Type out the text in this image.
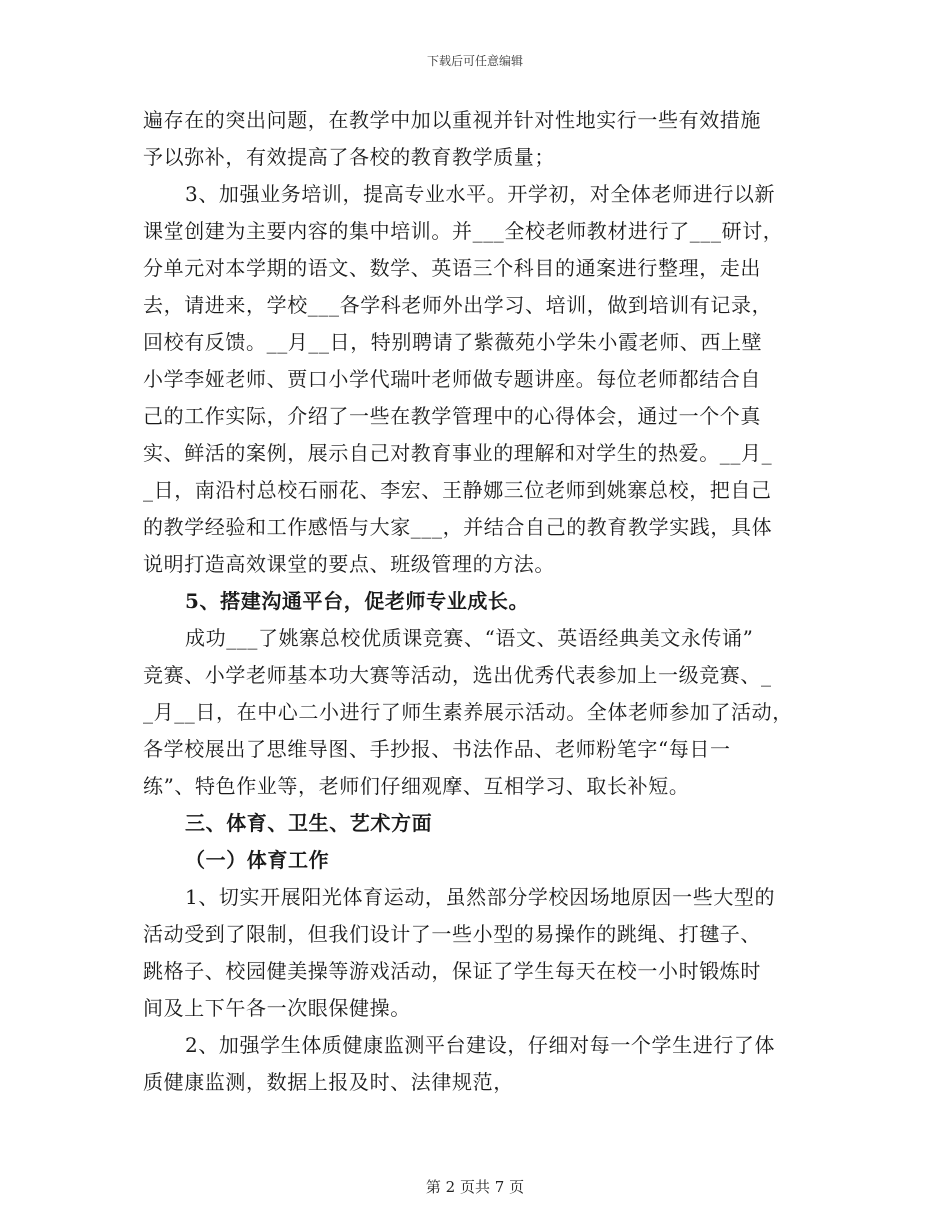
下载后可任意编辑
遍存在的突出问题，在教学中加以重视并针对性地实行一些有效措施
予以弥补，有效提高了各校的教育教学质量；
3、加强业务培训，提高专业水平。开学初，对全体老师进行以新
课堂创建为主要内容的集中培训。并___全校老师教材进行了___研讨，
分单元对本学期的语文、数学、英语三个科目的通案进行整理，走出
去，请进来，学校___各学科老师外出学习、培训，做到培训有记录，
回校有反馈。__月__日，特别聘请了紫薇苑小学朱小霞老师、西上壁
小学李娅老师、贾口小学代瑞叶老师做专题讲座。每位老师都结合自
己的工作实际，介绍了一些在教学管理中的心得体会，通过一个个真
实、鲜活的案例，展示自己对教育事业的理解和对学生的热爱。__月_
_日，南沿村总校石丽花、李宏、王静娜三位老师到姚寨总校，把自己
的教学经验和工作感悟与大家___，并结合自己的教育教学实践，具体
说明打造高效课堂的要点、班级管理的方法。
5、搭建沟通平台，促老师专业成长。
成功___了姚寨总校优质课竞赛、“语文、英语经典美文永传诵”
竞赛、小学老师基本功大赛等活动，选出优秀代表参加上一级竞赛、_
_月__日，在中心二小进行了师生素养展示活动。全体老师参加了活动，
各学校展出了思维导图、手抄报、书法作品、老师粉笔字“每日一
练”、特色作业等，老师们仔细观摩、互相学习、取长补短。
三、体育、卫生、艺术方面
（一）体育工作
1、切实开展阳光体育运动，虽然部分学校因场地原因一些大型的
活动受到了限制，但我们设计了一些小型的易操作的跳绳、打毽子、
跳格子、校园健美操等游戏活动，保证了学生每天在校一小时锻炼时
间及上下午各一次眼保健操。
2、加强学生体质健康监测平台建设，仔细对每一个学生进行了体
质健康监测，数据上报及时、法律规范，
第 2 页共 7 页
